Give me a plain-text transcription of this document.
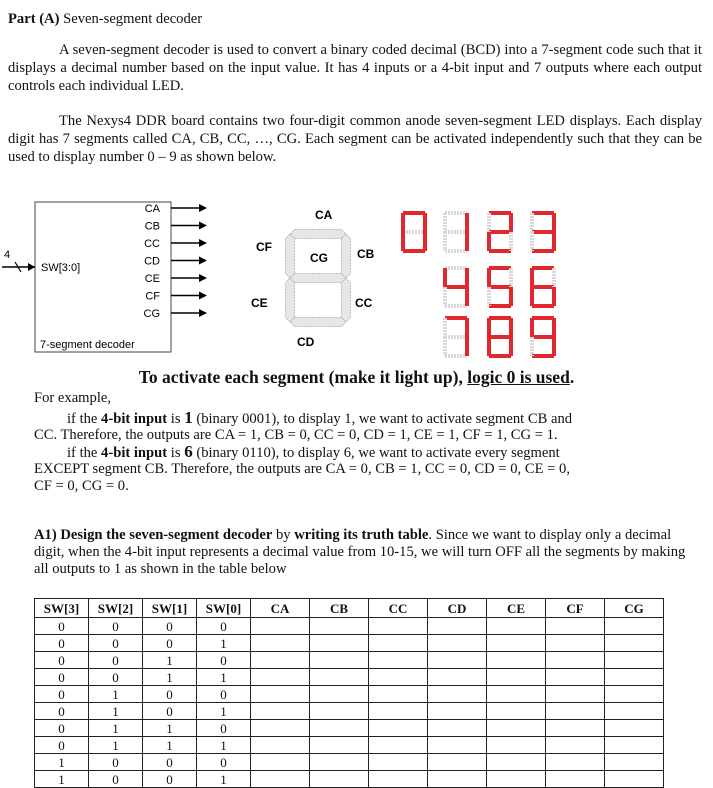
Part (A) Seven-segment decoder

A seven-segment decoder is used to convert a binary coded decimal (BCD) into a 7-segment code such that it displays a decimal number based on the input value. It has 4 inputs or a 4-bit input and 7 outputs where each output controls each individual LED.

The Nexys4 DDR board contains two four-digit common anode seven-segment LED displays. Each display digit has 7 segments called CA, CB, CC, …, CG. Each segment can be activated independently such that they can be used to display number 0 – 9 as shown below.

4
SW[3:0]
7-segment decoder
CA
CB
CC
CD
CE
CF
CG
CA
CB
CC
CD
CE
CF
CG
To activate each segment (make it light up), logic 0 is used.

For example,

if the 4-bit input is 1 (binary 0001), to display 1, we want to activate segment CB and

CC. Therefore, the outputs are CA = 1, CB = 0, CC = 0, CD = 1, CE = 1, CF = 1, CG = 1.

if the 4-bit input is 6 (binary 0110), to display 6, we want to activate every segment

EXCEPT segment CB. Therefore, the outputs are CA = 0, CB = 1, CC = 0, CD = 0, CE = 0,

CF = 0, CG = 0.

A1) Design the seven-segment decoder by writing its truth table. Since we want to display only a decimal digit, when the 4-bit input represents a decimal value from 10-15, we will turn OFF all the segments by making all outputs to 1 as shown in the table below

SW[3]	SW[2]	SW[1]	SW[0]	CA	CB	CC	CD	CE	CF	CG
0	0	0	0							
0	0	0	1							
0	0	1	0							
0	0	1	1							
0	1	0	0							
0	1	0	1							
0	1	1	0							
0	1	1	1							
1	0	0	0							
1	0	0	1							
